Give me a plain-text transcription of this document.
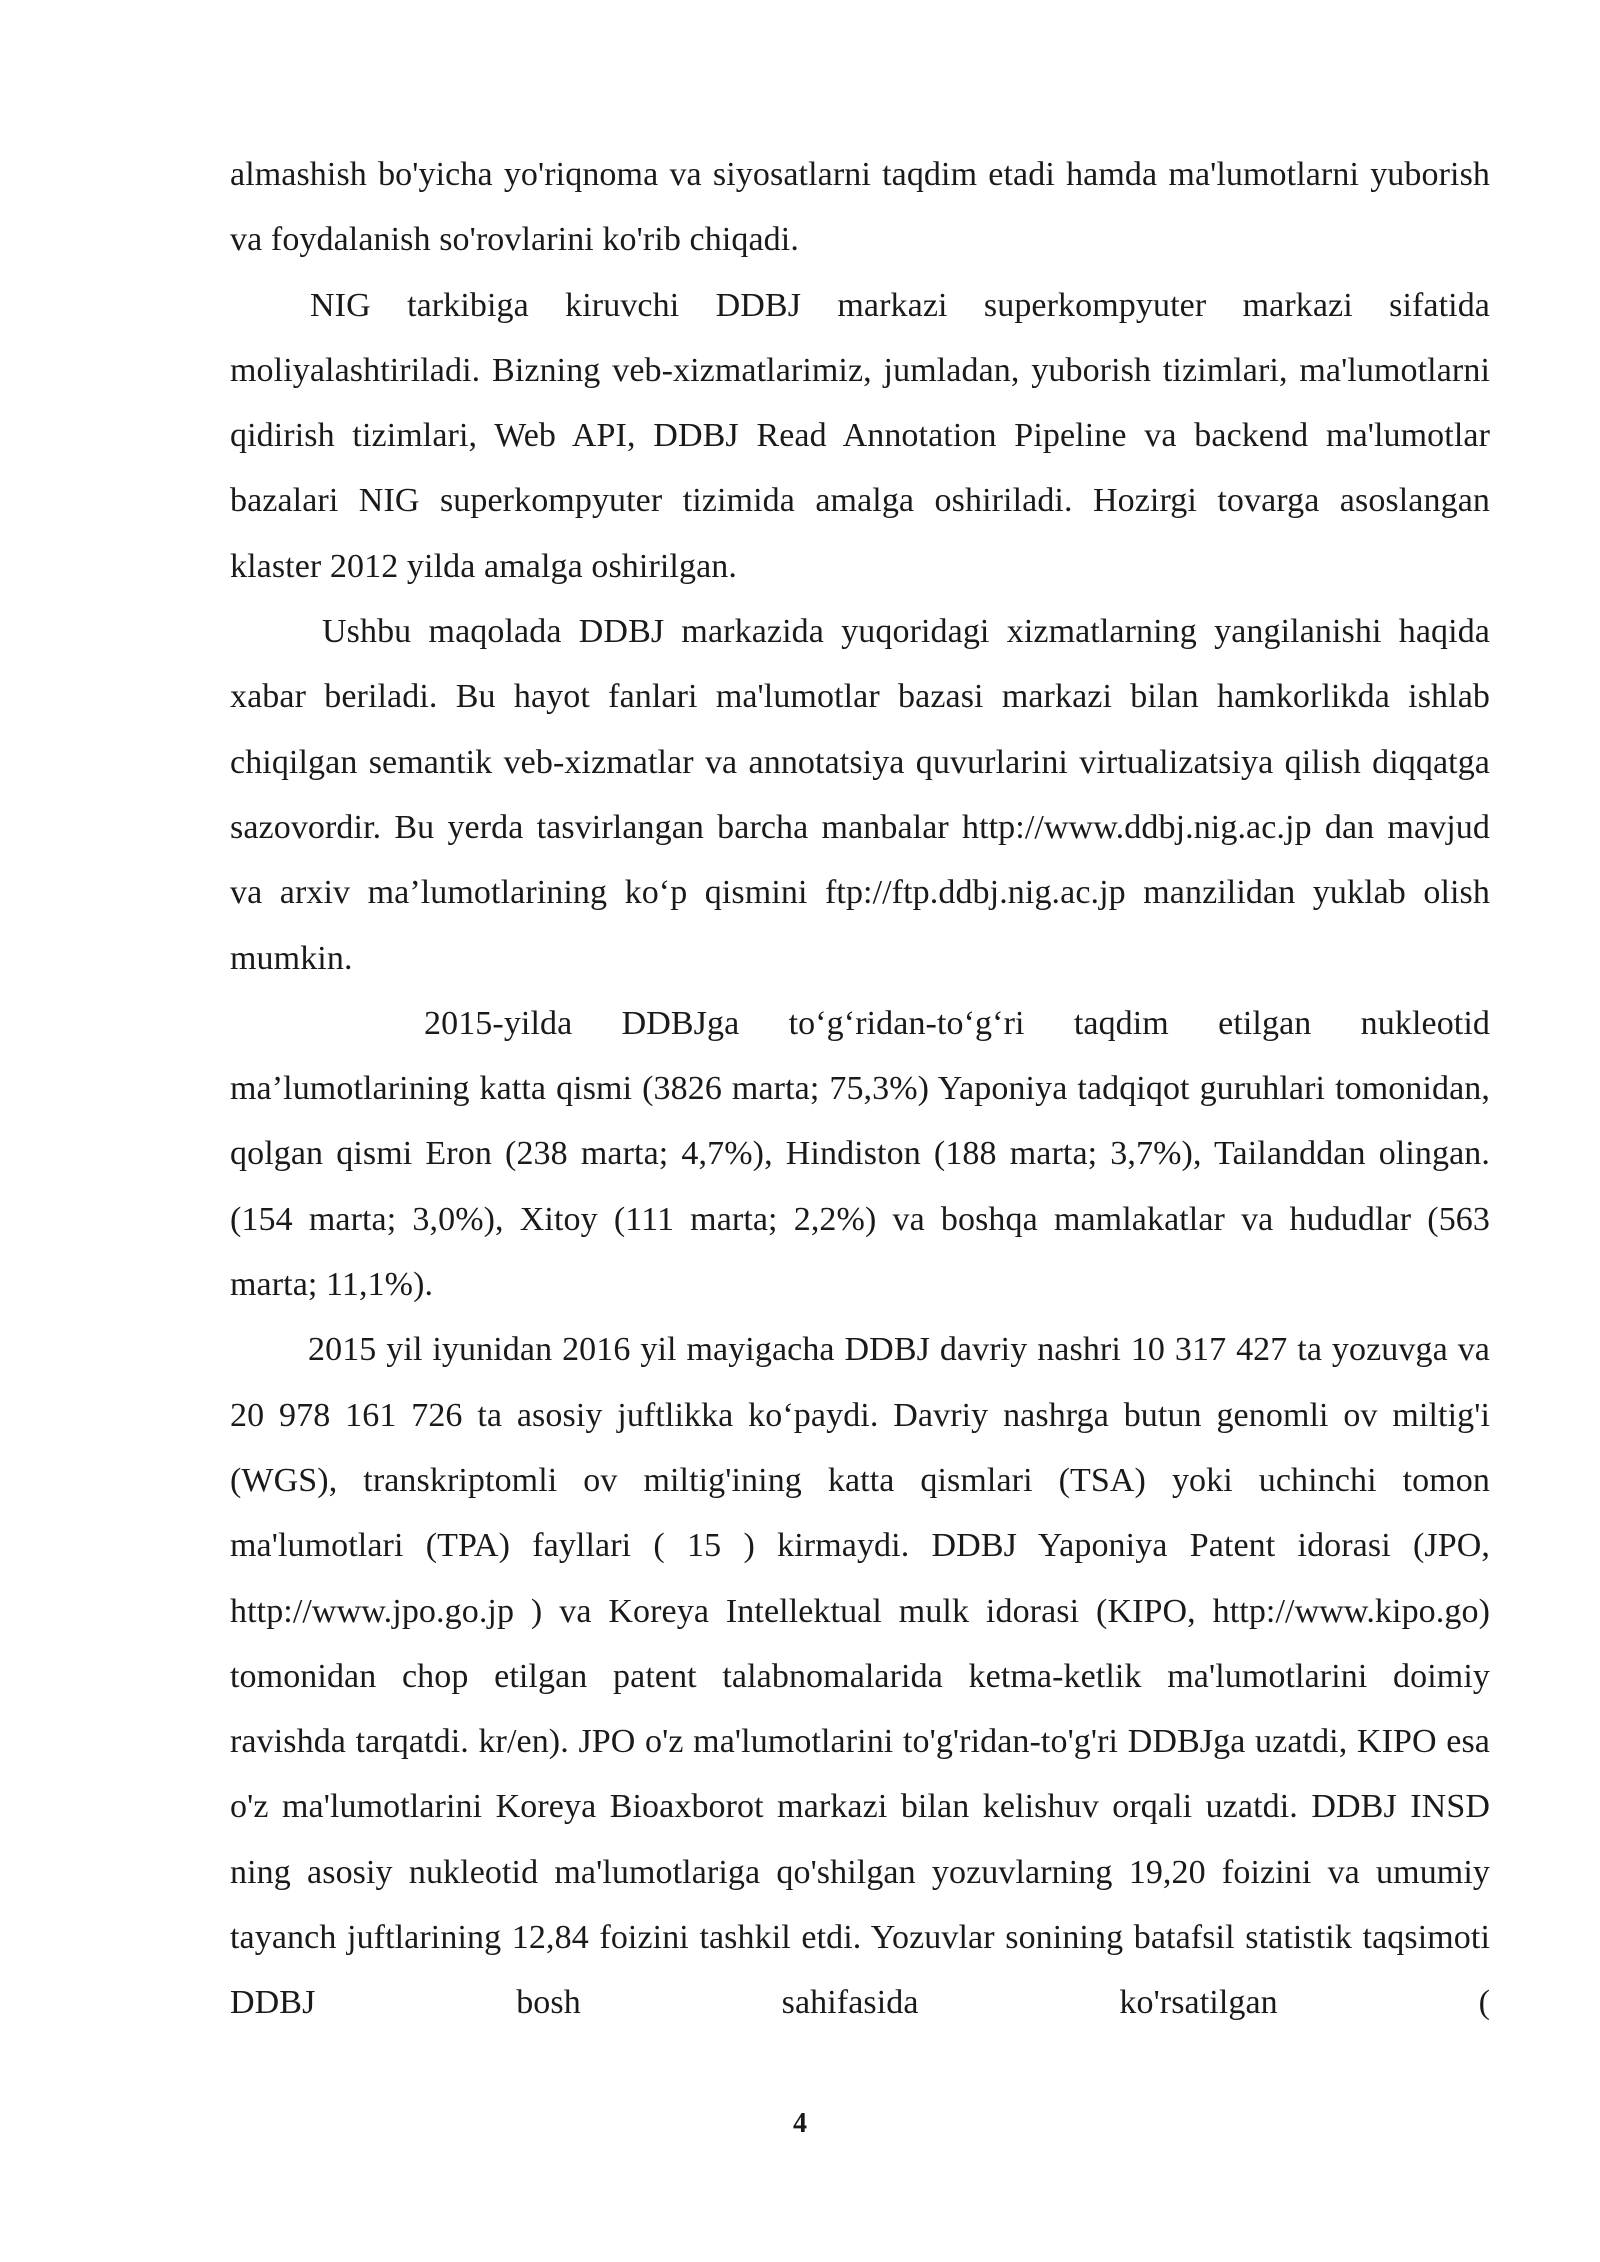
almashish bo'yicha yo'riqnoma va siyosatlarni taqdim etadi hamda ma'lumotlarni yuborish va foydalanish so'rovlarini ko'rib chiqadi.

NIG tarkibiga kiruvchi DDBJ markazi superkompyuter markazi sifatida moliyalashtiriladi. Bizning veb-xizmatlarimiz, jumladan, yuborish tizimlari, ma'lumotlarni qidirish tizimlari, Web API, DDBJ Read Annotation Pipeline va backend ma'lumotlar bazalari NIG superkompyuter tizimida amalga oshiriladi. Hozirgi tovarga asoslangan klaster 2012 yilda amalga oshirilgan.

Ushbu maqolada DDBJ markazida yuqoridagi xizmatlarning yangilanishi haqida xabar beriladi. Bu hayot fanlari ma'lumotlar bazasi markazi bilan hamkorlikda ishlab chiqilgan semantik veb-xizmatlar va annotatsiya quvurlarini virtualizatsiya qilish diqqatga sazovordir. Bu yerda tasvirlangan barcha manbalar http://www.ddbj.nig.ac.jp dan mavjud va arxiv ma’lumotlarining ko‘p qismini ftp://ftp.ddbj.nig.ac.jp manzilidan yuklab olish mumkin.

2015-yilda DDBJga to‘g‘ridan-to‘g‘ri taqdim etilgan nukleotid ma’lumotlarining katta qismi (3826 marta; 75,3%) Yaponiya tadqiqot guruhlari tomonidan, qolgan qismi Eron (238 marta; 4,7%), Hindiston (188 marta; 3,7%), Tailanddan olingan. (154 marta; 3,0%), Xitoy (111 marta; 2,2%) va boshqa mamlakatlar va hududlar (563 marta; 11,1%).

2015 yil iyunidan 2016 yil mayigacha DDBJ davriy nashri 10 317 427 ta yozuvga va 20 978 161 726 ta asosiy juftlikka ko‘paydi. Davriy nashrga butun genomli ov miltig'i (WGS), transkriptomli ov miltig'ining katta qismlari (TSA) yoki uchinchi tomon ma'lumotlari (TPA) fayllari ( 15 ) kirmaydi. DDBJ Yaponiya Patent idorasi (JPO, http://www.jpo.go.jp ) va Koreya Intellektual mulk idorasi (KIPO, http://www.kipo.go) tomonidan chop etilgan patent talabnomalarida ketma-ketlik ma'lumotlarini doimiy ravishda tarqatdi. kr/en). JPO o'z ma'lumotlarini to'g'ridan-to'g'ri DDBJga uzatdi, KIPO esa o'z ma'lumotlarini Koreya Bioaxborot markazi bilan kelishuv orqali uzatdi. DDBJ INSD ning asosiy nukleotid ma'lumotlariga qo'shilgan yozuvlarning 19,20 foizini va umumiy tayanch juftlarining 12,84 foizini tashkil etdi. Yozuvlar sonining batafsil statistik taqsimoti DDBJ bosh sahifasida ko'rsatilgan (

4
